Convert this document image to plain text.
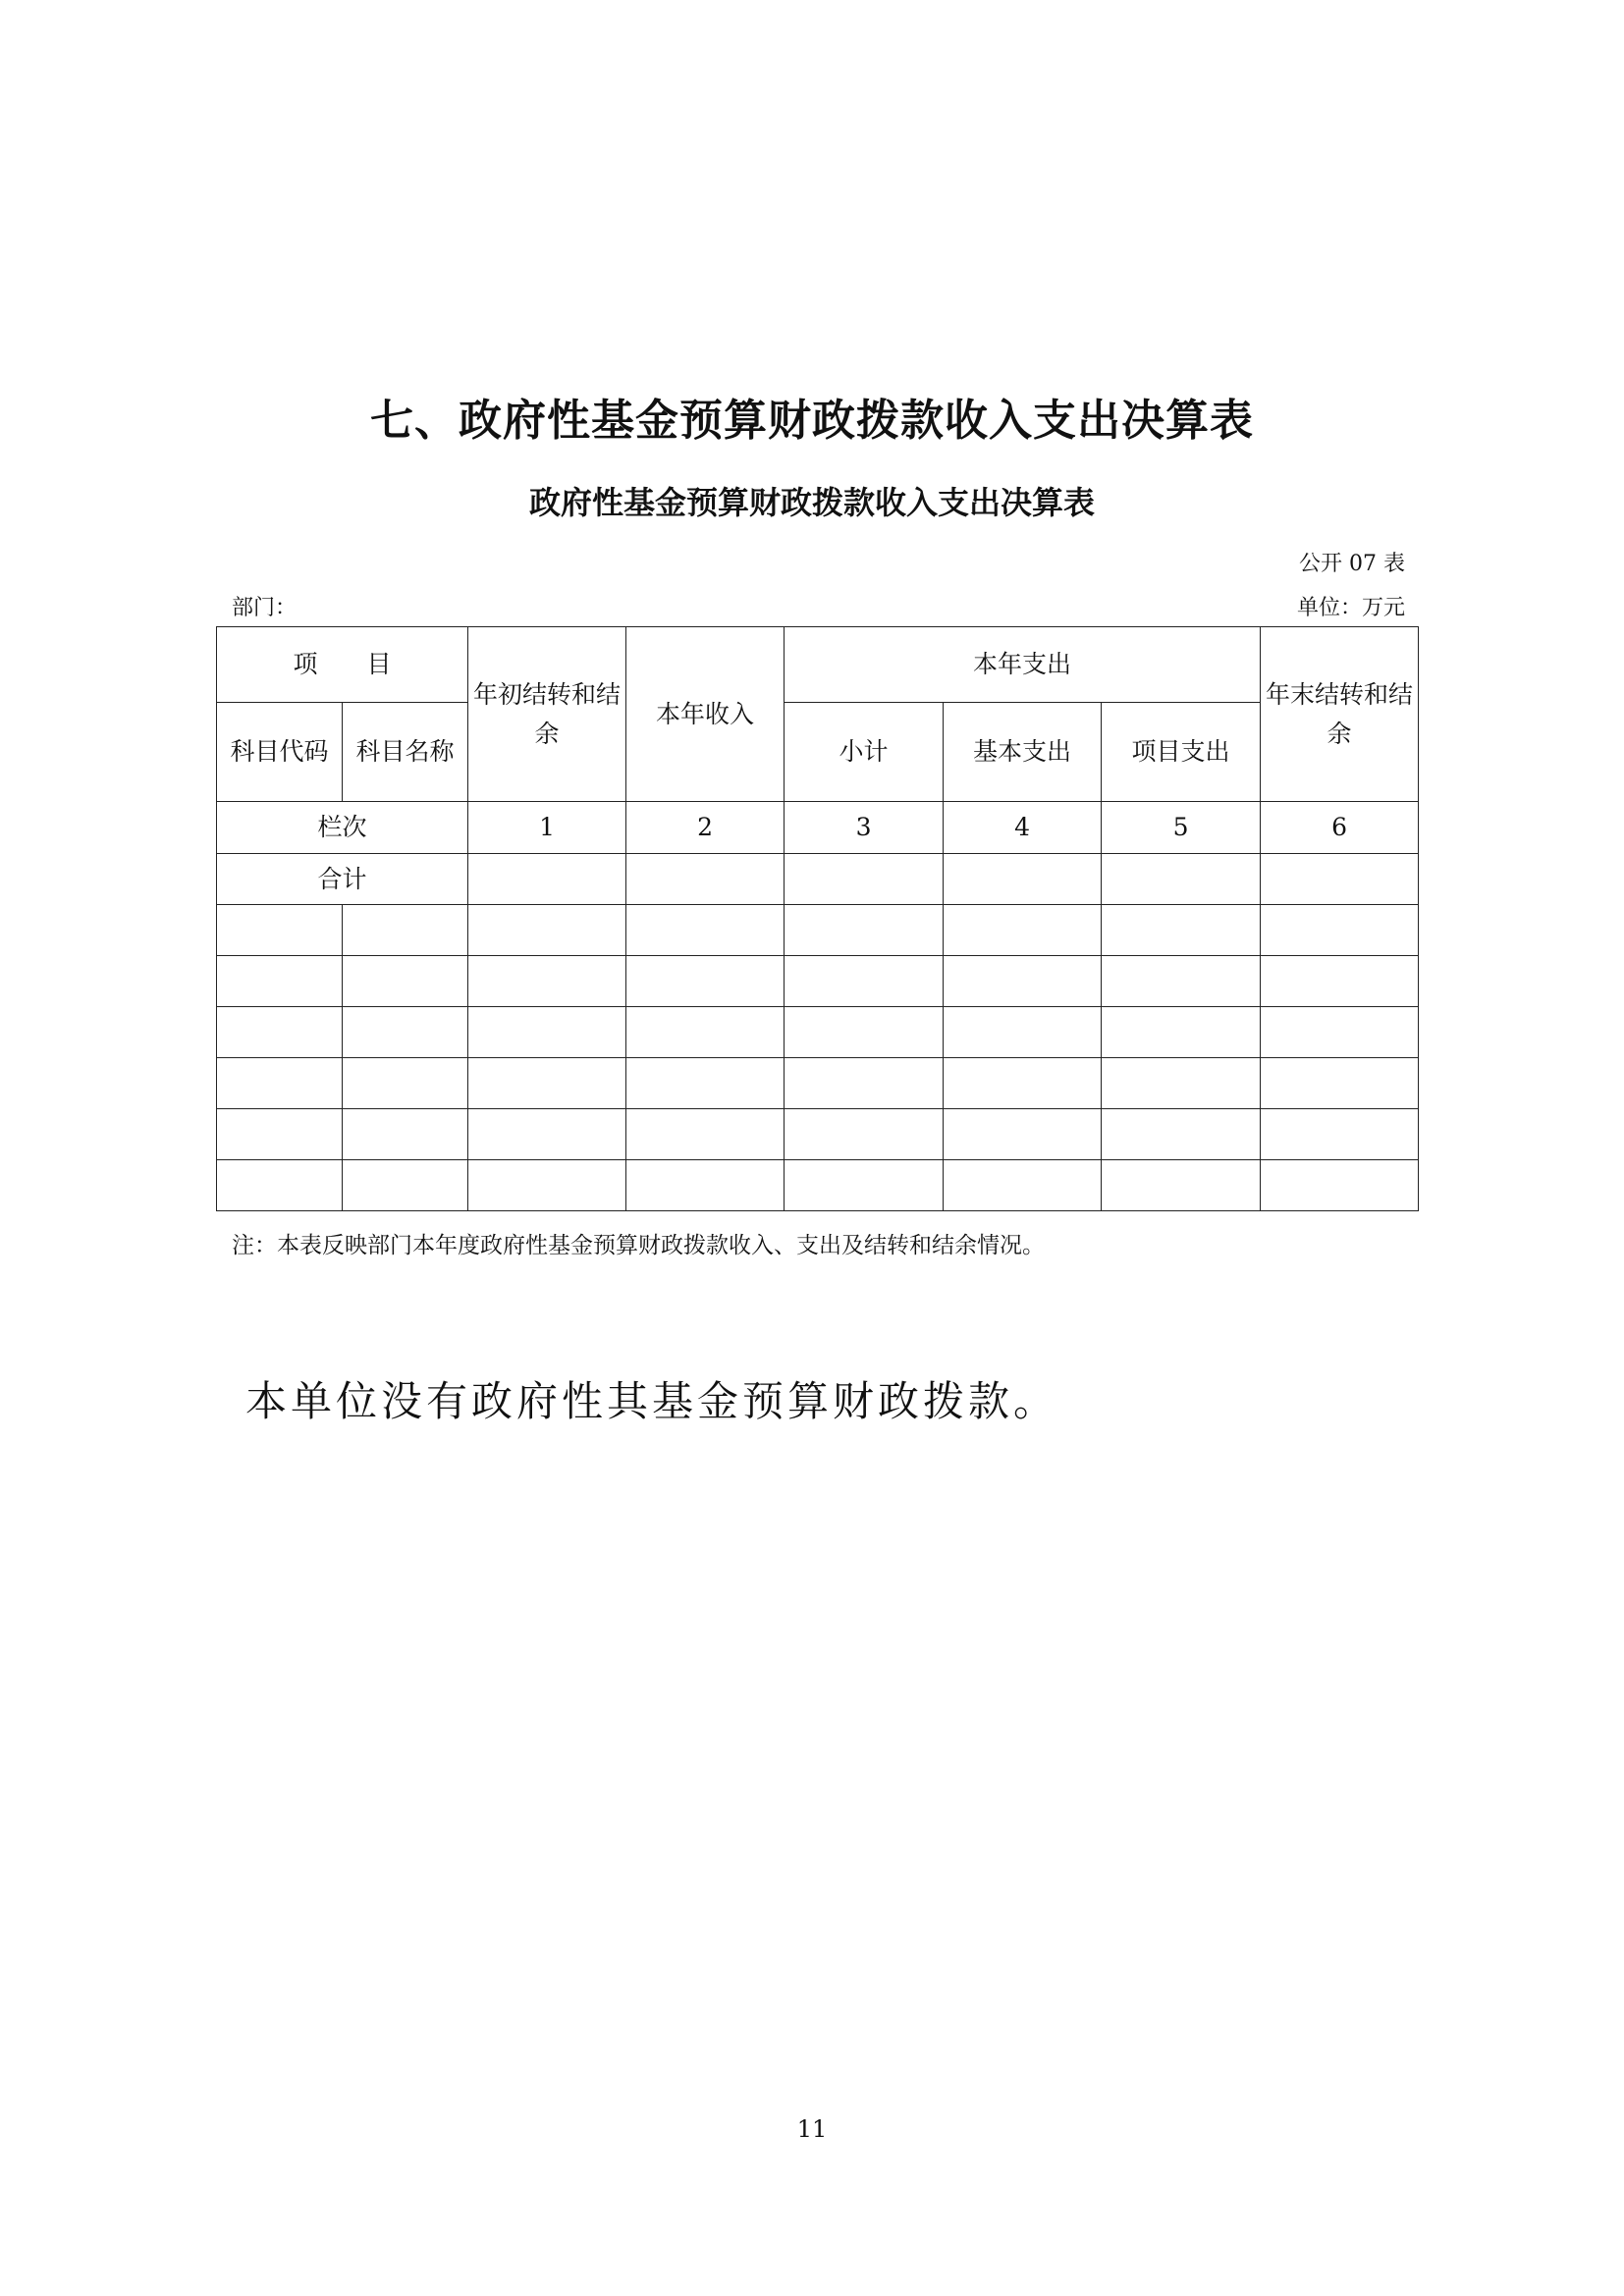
七、政府性基金预算财政拨款收入支出决算表
政府性基金预算财政拨款收入支出决算表
公开 07 表
部门：	单位：万元
项　　目		年初结转和结余	本年收入	本年支出			年末结转和结余
科目代码	科目名称			小计	基本支出	项目支出	
栏次		1	2	3	4	5	6
合计							

注：本表反映部门本年度政府性基金预算财政拨款收入、支出及结转和结余情况。
本单位没有政府性其基金预算财政拨款。
11
